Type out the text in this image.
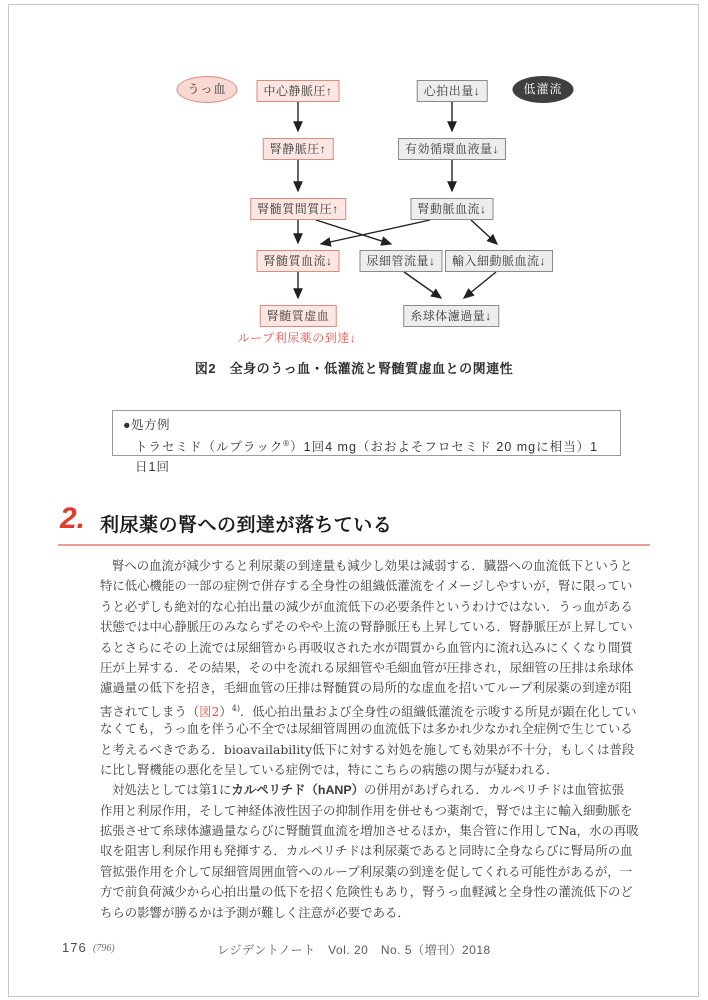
うっ血	低灌流
中心静脈圧↑	心拍出量↓
腎静脈圧↑	有効循環血液量↓
腎髄質間質圧↑	腎動脈血流↓
腎髄質血流↓	尿細管流量↓	輸入細動脈血流↓
腎髄質虚血	糸球体濾過量↓
ループ利尿薬の到達↓
図2　全身のうっ血・低灌流と腎髄質虚血との関連性
●処方例
トラセミド（ルプラック®）1回4 mg（おおよそフロセミド 20 mgに相当）1日1回
2. 利尿薬の腎への到達が落ちている
腎への血流が減少すると利尿薬の到達量も減少し効果は減弱する．臓器への血流低下というと
特に低心機能の一部の症例で併存する全身性の組織低灌流をイメージしやすいが，腎に限ってい
うと必ずしも絶対的な心拍出量の減少が血流低下の必要条件というわけではない．うっ血がある
状態では中心静脈圧のみならずそのやや上流の腎静脈圧も上昇している．腎静脈圧が上昇してい
るとさらにその上流では尿細管から再吸収された水が間質から血管内に流れ込みにくくなり間質
圧が上昇する．その結果，その中を流れる尿細管や毛細血管が圧排され，尿細管の圧排は糸球体
濾過量の低下を招き，毛細血管の圧排は腎髄質の局所的な虚血を招いてループ利尿薬の到達が阻
害されてしまう（図2）$^{4)}$．低心拍出量および全身性の組織低灌流を示唆する所見が顕在化してい
なくても，うっ血を伴う心不全では尿細管周囲の血流低下は多かれ少なかれ全症例で生じている
と考えるべきである．bioavailability低下に対する対処を施しても効果が不十分，もしくは普段
に比し腎機能の悪化を呈している症例では，特にこちらの病態の関与が疑われる．
対処法としては第1にカルペリチド（hANP）の併用があげられる．カルペリチドは血管拡張
作用と利尿作用，そして神経体液性因子の抑制作用を併せもつ薬剤で，腎では主に輸入細動脈を
拡張させて糸球体濾過量ならびに腎髄質血流を増加させるほか，集合管に作用してNa，水の再吸
収を阻害し利尿作用も発揮する．カルペリチドは利尿薬であると同時に全身ならびに腎局所の血
管拡張作用を介して尿細管周囲血管へのループ利尿薬の到達を促してくれる可能性があるが，一
方で前負荷減少から心拍出量の低下を招く危険性もあり，腎うっ血軽減と全身性の灌流低下のど
ちらの影響が勝るかは予測が難しく注意が必要である．
176 (796)	レジデントノート　Vol. 20　No. 5（増刊）2018
